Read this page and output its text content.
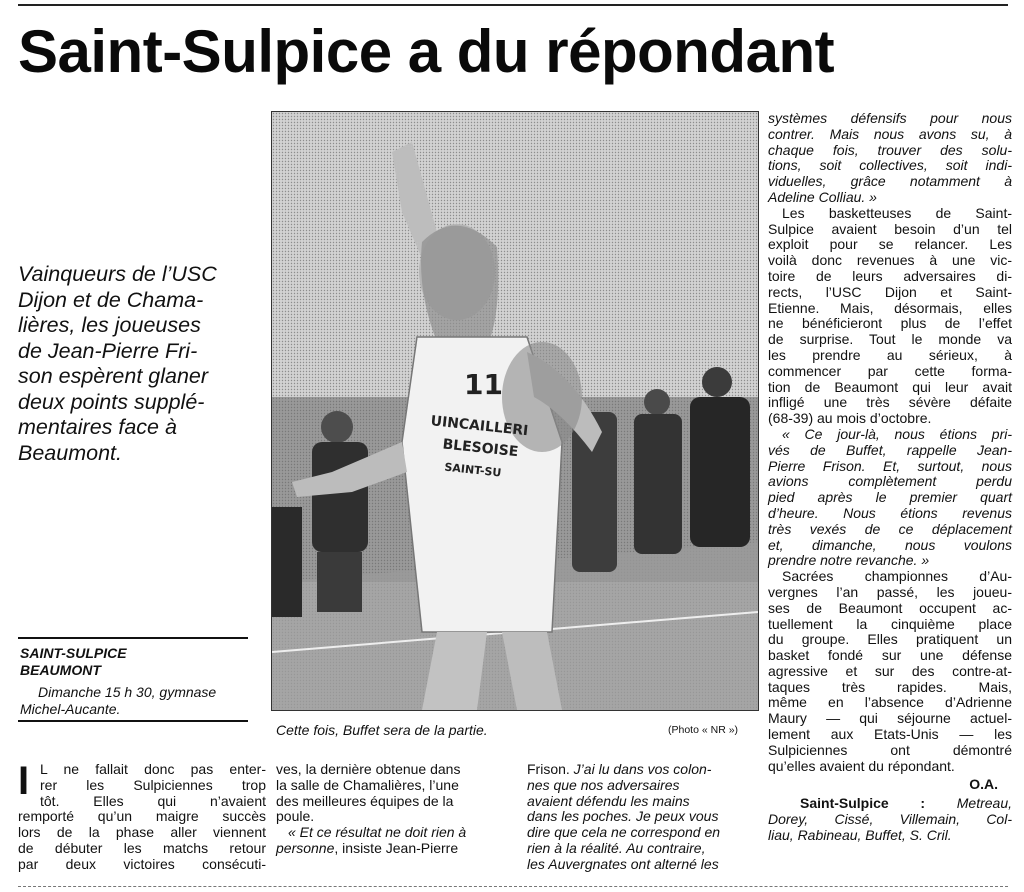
Saint-Sulpice a du répondant

Vainqueurs de l’USC
Dijon et de Chama-
lières, les joueuses
de Jean-Pierre Fri-
son espèrent glaner
deux points supplé-
mentaires face à
Beaumont.

SAINT-SULPICE
BEAUMONT
Dimanche 15 h 30, gymnase
Michel-Aucante.
11
UINCAILLERI
BLESOISE
SAINT-SU
Cette fois, Buffet sera de la partie.	(Photo « NR »)
systèmes défensifs pour nous
contrer. Mais nous avons su, à
chaque fois, trouver des solu-
tions, soit collectives, soit indi-
viduelles, grâce notamment à
Adeline Colliau. »
Les basketteuses de Saint-
Sulpice avaient besoin d’un tel
exploit pour se relancer. Les
voilà donc revenues à une vic-
toire de leurs adversaires di-
rects, l’USC Dijon et Saint-
Etienne. Mais, désormais, elles
ne bénéficieront plus de l’effet
de surprise. Tout le monde va
les prendre au sérieux, à
commencer par cette forma-
tion de Beaumont qui leur avait
infligé une très sévère défaite
(68-39) au mois d’octobre.
« Ce jour-là, nous étions pri-
vés de Buffet, rappelle Jean-
Pierre Frison. Et, surtout, nous
avions complètement perdu
pied après le premier quart
d’heure. Nous étions revenus
très vexés de ce déplacement
et, dimanche, nous voulons
prendre notre revanche. »
Sacrées championnes d’Au-
vergnes l’an passé, les joueu-
ses de Beaumont occupent ac-
tuellement la cinquième place
du groupe. Elles pratiquent un
basket fondé sur une défense
agressive et sur des contre-at-
taques très rapides. Mais,
même en l’absence d’Adrienne
Maury — qui séjourne actuel-
lement aux Etats-Unis — les
Sulpiciennes ont démontré
qu’elles avaient du répondant.
O.A.
Saint-Sulpice : Metreau,
Dorey, Cissé, Villemain, Col-
liau, Rabineau, Buffet, S. Cril.
I L ne fallait donc pas enter-
rer les Sulpiciennes trop
tôt. Elles qui n’avaient
remporté qu’un maigre succès
lors de la phase aller viennent
de débuter les matchs retour
par deux victoires consécuti-
ves, la dernière obtenue dans
la salle de Chamalières, l’une
des meilleures équipes de la
poule.
« Et ce résultat ne doit rien à
personne, insiste Jean-Pierre
Frison. J’ai lu dans vos colon-
nes que nos adversaires
avaient défendu les mains
dans les poches. Je peux vous
dire que cela ne correspond en
rien à la réalité. Au contraire,
les Auvergnates ont alterné les
